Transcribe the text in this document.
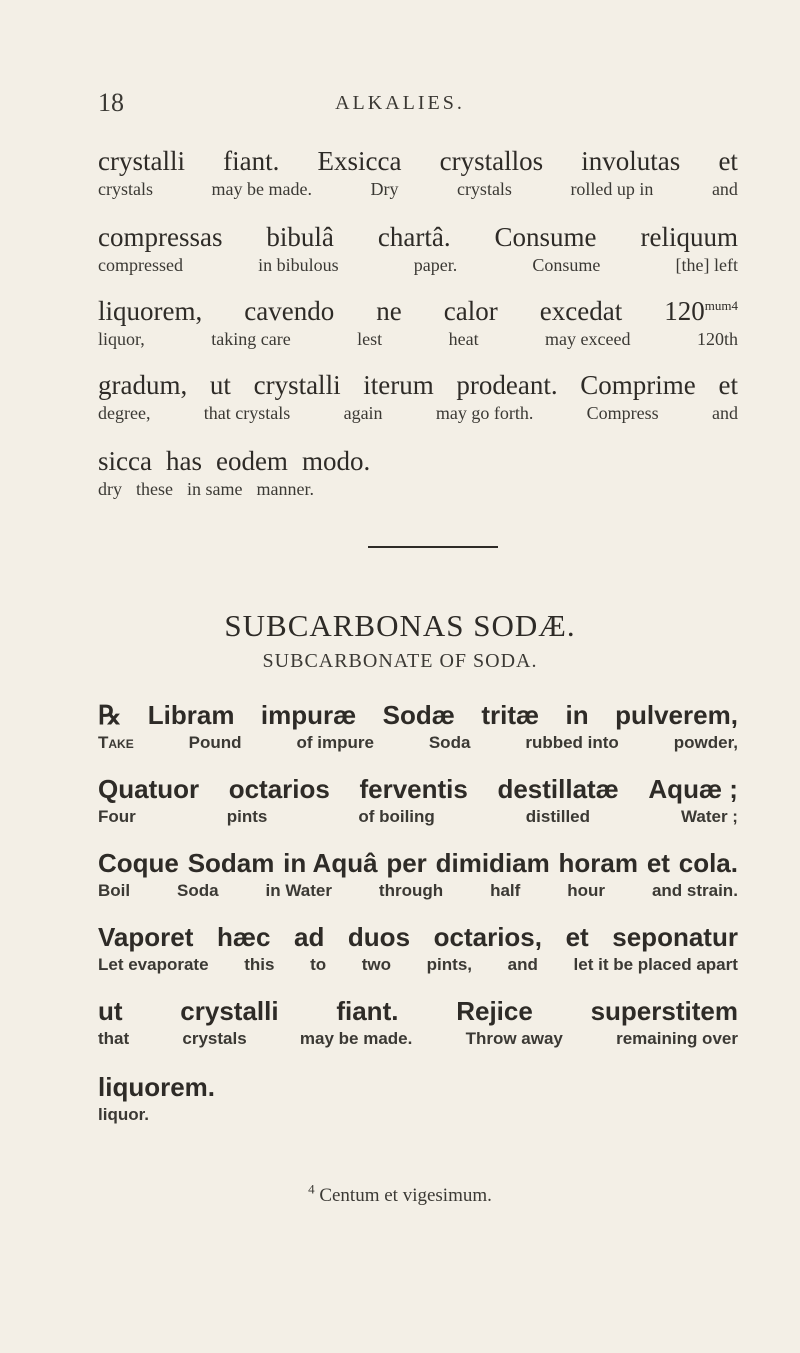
18	ALKALIES.
crystalli fiant. Exsicca crystallos involutas et
crystals	may be made.	Dry	crystals	rolled up in	and
compressas bibulâ chartâ. Consume reliquum
compressed	in bibulous	paper.	Consume	[the] left
liquorem, cavendo ne calor excedat $120^{mum4}$
liquor,	taking care	lest	heat	may exceed	120th
gradum, ut crystalli iterum prodeant. Comprime et
degree,	that crystals	again	may go forth.	Compress	and
sicca has eodem modo.
dry these in same manner.
SUBCARBONAS SODÆ.
SUBCARBONATE OF SODA.
℞ Libram impuræ Sodæ tritæ in pulverem,
Take	Pound	of impure	Soda	rubbed into	powder,
Quatuor octarios ferventis destillatæ Aquæ ;
Four	pints	of boiling	distilled	Water ;
Coque Sodam in Aquâ per dimidiam horam et cola.
Boil	Soda	in Water	through	half	hour	and strain.
Vaporet hæc ad duos octarios, et seponatur
Let evaporate this to two pints, and let it be placed apart
ut crystalli fiant. Rejice superstitem
that	crystals	may be made.	Throw away	remaining over
liquorem.
liquor.
$^4$ Centum et vigesimum.
